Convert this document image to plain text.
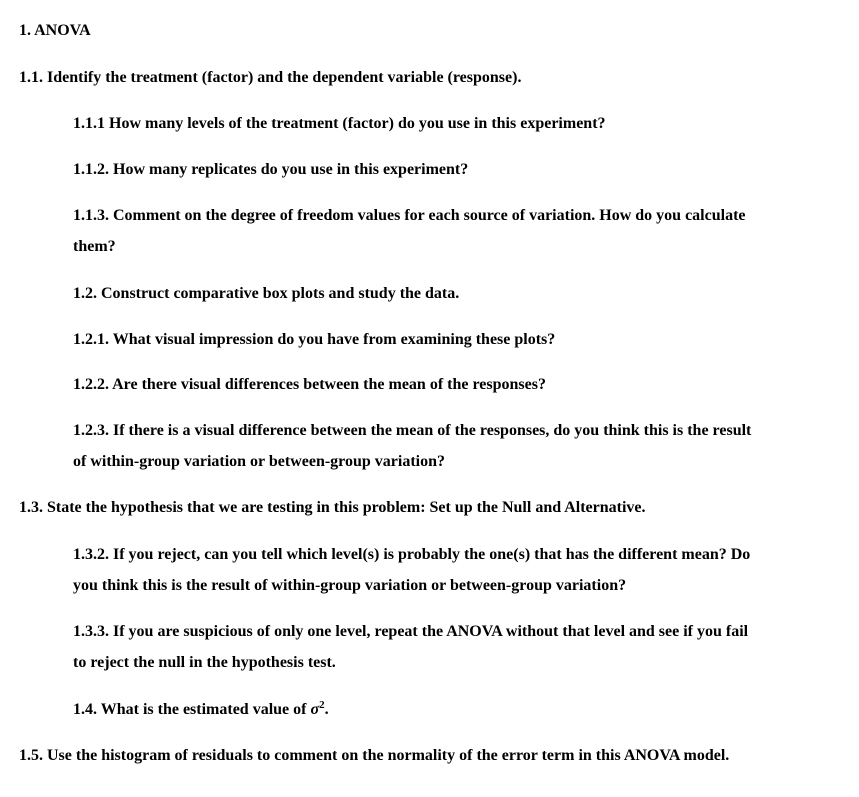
1. ANOVA
1.1. Identify the treatment (factor) and the dependent variable (response).
1.1.1 How many levels of the treatment (factor) do you use in this experiment?
1.1.2. How many replicates do you use in this experiment?
1.1.3. Comment on the degree of freedom values for each source of variation. How do you calculate
them?
1.2. Construct comparative box plots and study the data.
1.2.1. What visual impression do you have from examining these plots?
1.2.2. Are there visual differences between the mean of the responses?
1.2.3. If there is a visual difference between the mean of the responses, do you think this is the result
of within-group variation or between-group variation?
1.3. State the hypothesis that we are testing in this problem: Set up the Null and Alternative.
1.3.2. If you reject, can you tell which level(s) is probably the one(s) that has the different mean? Do
you think this is the result of within-group variation or between-group variation?
1.3.3. If you are suspicious of only one level, repeat the ANOVA without that level and see if you fail
to reject the null in the hypothesis test.
1.4. What is the estimated value of $\sigma^2$.
1.5. Use the histogram of residuals to comment on the normality of the error term in this ANOVA model.
